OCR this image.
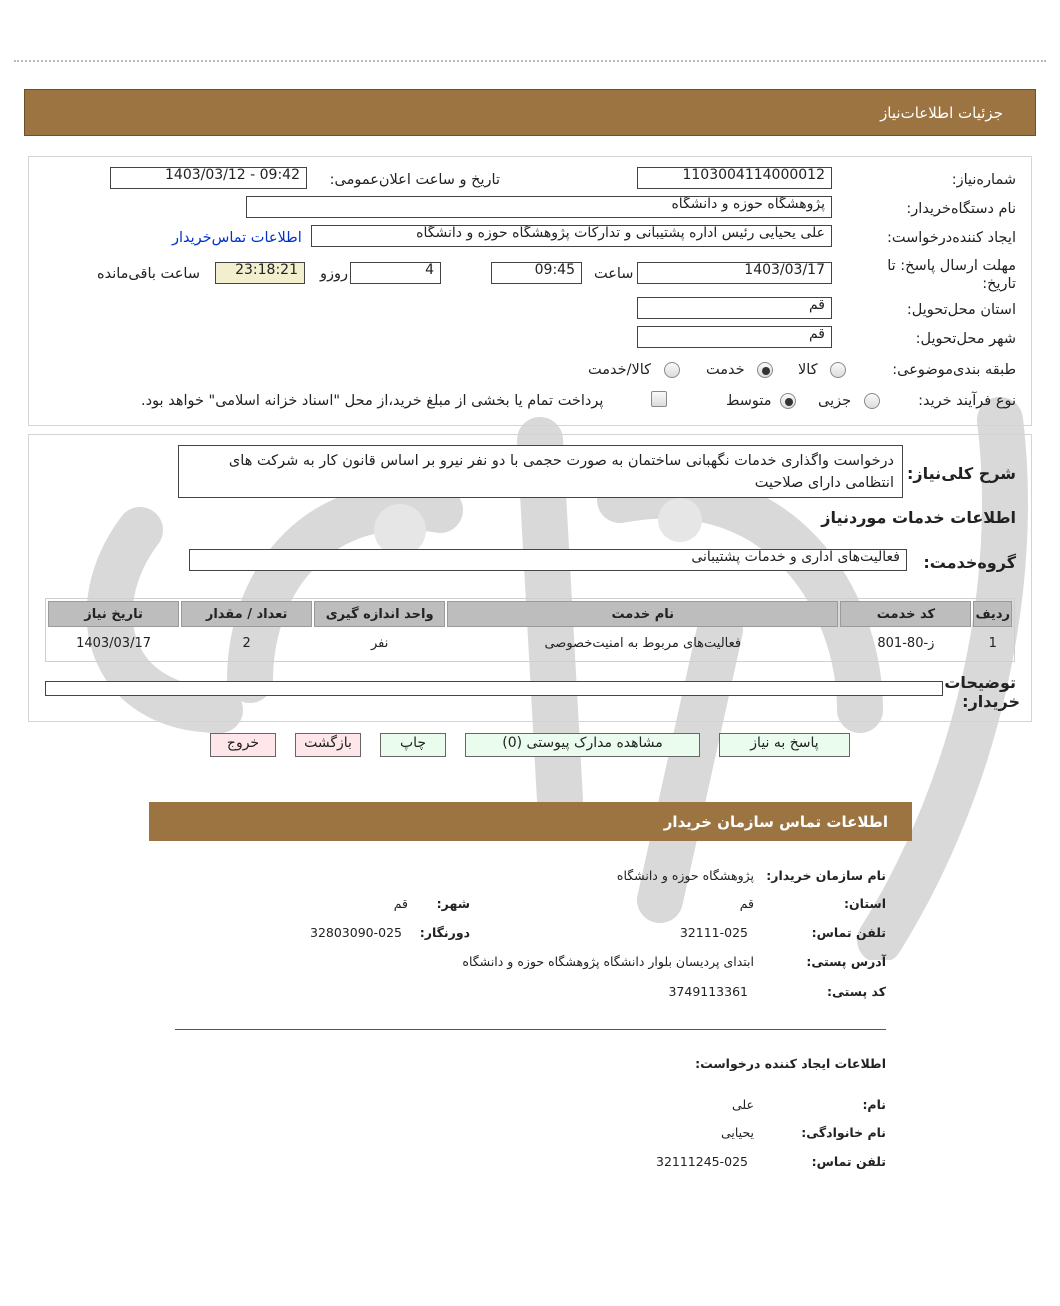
جزئیات اطلاعات‌نیاز
شماره‌نیاز:
1103004114000012
تاریخ و ساعت اعلان‌عمومی:
1403/03/12 - 09:42
نام دستگاه‌خریدار:
پژوهشگاه حوزه و دانشگاه
ایجاد کننده‌درخواست:
علی یحیایی رئیس اداره پشتیبانی و تدارکات پژوهشگاه حوزه و دانشگاه
اطلاعات تماس‌خریدار
مهلت ارسال پاسخ: تا
تاریخ:
1403/03/17
ساعت
09:45
4
روزو
23:18:21
ساعت باقی‌مانده
استان محل‌تحویل:
قم
شهر محل‌تحویل:
قم
طبقه بندی‌موضوعی:
کالا
خدمت
کالا/خدمت
نوع فرآیند خرید:
جزیی
متوسط
پرداخت تمام یا بخشی از مبلغ خرید،از محل "اسناد خزانه اسلامی" خواهد بود.
شرح کلی‌نیاز:
درخواست واگذاری خدمات نگهبانی ساختمان به صورت حجمی با دو نفر نیرو بر اساس قانون کار به شرکت های انتظامی دارای صلاحیت
اطلاعات خدمات موردنیاز
گروه‌خدمت:
فعالیت‌های اداری و خدمات پشتیبانی
ردیف	کد خدمت	نام خدمت	واحد اندازه گیری	تعداد / مقدار	تاریخ نیاز
1	ز-80-801	فعالیت‌های مربوط به امنیت‌خصوصی	نفر	2	1403/03/17
توضیحات
خریدار:
پاسخ به نیاز
مشاهده مدارک پیوستی (0)
چاپ
بازگشت
خروج
اطلاعات تماس سازمان خریدار
نام سازمان خریدار:
پژوهشگاه حوزه و دانشگاه
استان:
قم
شهر:
قم
تلفن تماس:
32111-025
دورنگار:
32803090-025
آدرس پستی:
ابتدای پردیسان بلوار دانشگاه پژوهشگاه حوزه و دانشگاه
کد پستی:
3749113361
اطلاعات ایجاد کننده درخواست:
نام:
علی
نام خانوادگی:
یحیایی
تلفن تماس:
32111245-025
